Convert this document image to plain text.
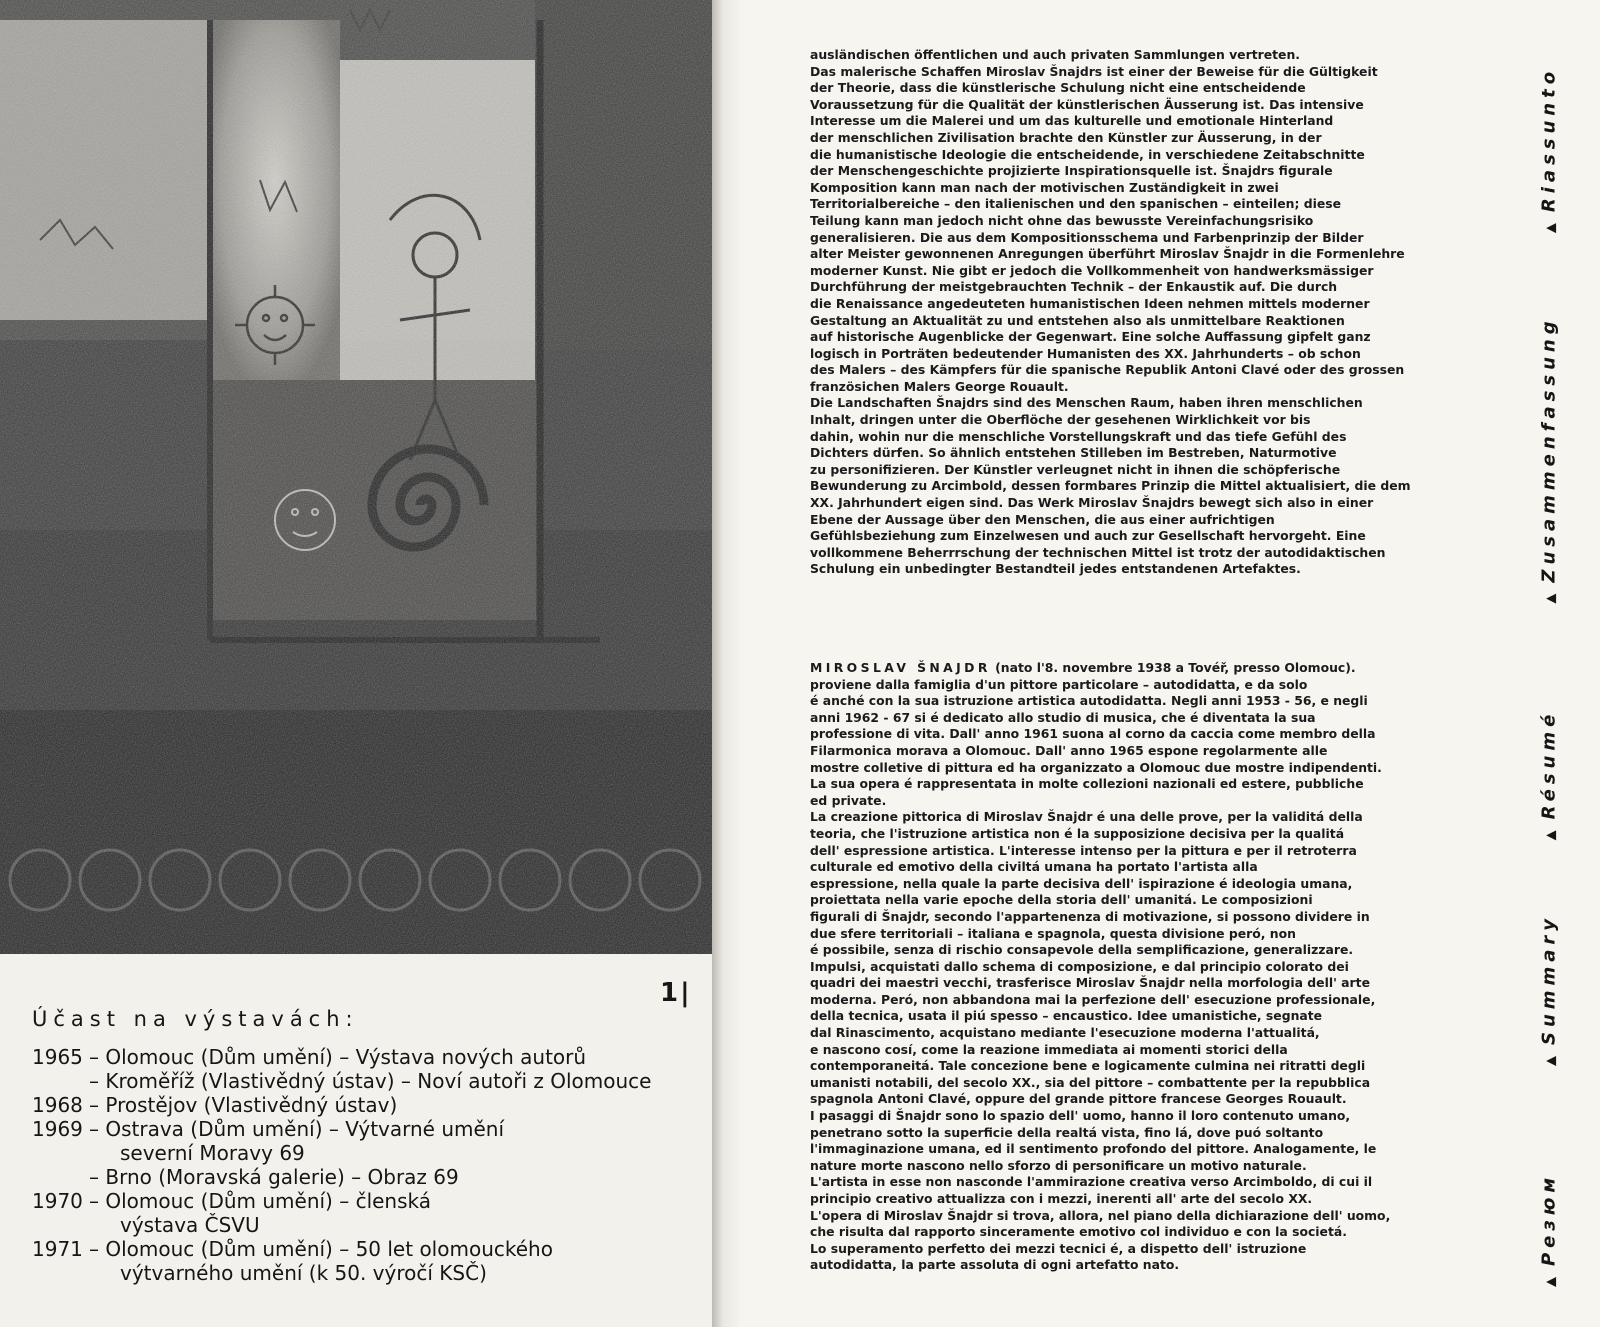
1|
Účast na výstavách:
1965 – Olomouc (Dům umění) – Výstava nových autorů
– Kroměříž (Vlastivědný ústav) – Noví autoři z Olomouce
1968 – Prostějov (Vlastivědný ústav)
1969 – Ostrava (Dům umění) – Výtvarné umění
severní Moravy 69
– Brno (Moravská galerie) – Obraz 69
1970 – Olomouc (Dům umění) – členská
výstava ČSVU
1971 – Olomouc (Dům umění) – 50 let olomouckého
výtvarného umění (k 50. výročí KSČ)

ausländischen öffentlichen und auch privaten Sammlungen vertreten.

Das malerische Schaffen Miroslav Šnajdrs ist einer der Beweise für die Gültigkeit

der Theorie, dass die künstlerische Schulung nicht eine entscheidende

Voraussetzung für die Qualität der künstlerischen Äusserung ist. Das intensive

Interesse um die Malerei und um das kulturelle und emotionale Hinterland

der menschlichen Zivilisation brachte den Künstler zur Äusserung, in der

die humanistische Ideologie die entscheidende, in verschiedene Zeitabschnitte

der Menschengeschichte projizierte Inspirationsquelle ist. Šnajdrs figurale

Komposition kann man nach der motivischen Zuständigkeit in zwei

Territorialbereiche – den italienischen und den spanischen – einteilen; diese

Teilung kann man jedoch nicht ohne das bewusste Vereinfachungsrisiko

generalisieren. Die aus dem Kompositionsschema und Farbenprinzip der Bilder

alter Meister gewonnenen Anregungen überführt Miroslav Šnajdr in die Formenlehre

moderner Kunst. Nie gibt er jedoch die Vollkommenheit von handwerksmässiger

Durchführung der meistgebrauchten Technik – der Enkaustik auf. Die durch

die Renaissance angedeuteten humanistischen Ideen nehmen mittels moderner

Gestaltung an Aktualität zu und entstehen also als unmittelbare Reaktionen

auf historische Augenblicke der Gegenwart. Eine solche Auffassung gipfelt ganz

logisch in Porträten bedeutender Humanisten des XX. Jahrhunderts – ob schon

des Malers – des Kämpfers für die spanische Republik Antoni Clavé oder des grossen

französichen Malers George Rouault.

Die Landschaften Šnajdrs sind des Menschen Raum, haben ihren menschlichen

Inhalt, dringen unter die Oberflöche der gesehenen Wirklichkeit vor bis

dahin, wohin nur die menschliche Vorstellungskraft und das tiefe Gefühl des

Dichters dürfen. So ähnlich entstehen Stilleben im Bestreben, Naturmotive

zu personifizieren. Der Künstler verleugnet nicht in ihnen die schöpferische

Bewunderung zu Arcimbold, dessen formbares Prinzip die Mittel aktualisiert, die dem

XX. Jahrhundert eigen sind. Das Werk Miroslav Šnajdrs bewegt sich also in einer

Ebene der Aussage über den Menschen, die aus einer aufrichtigen

Gefühlsbeziehung zum Einzelwesen und auch zur Gesellschaft hervorgeht. Eine

vollkommene Beherrrschung der technischen Mittel ist trotz der autodidaktischen

Schulung ein unbedingter Bestandteil jedes entstandenen Artefaktes.

MIROSLAV ŠNAJDR (nato l'8. novembre 1938 a Tovéř, presso Olomouc).

proviene dalla famiglia d'un pittore particolare – autodidatta, e da solo

é anché con la sua istruzione artistica autodidatta. Negli anni 1953 - 56, e negli

anni 1962 - 67 si é dedicato allo studio di musica, che é diventata la sua

professione di vita. Dall' anno 1961 suona al corno da caccia come membro della

Filarmonica morava a Olomouc. Dall' anno 1965 espone regolarmente alle

mostre colletive di pittura ed ha organizzato a Olomouc due mostre indipendenti.

La sua opera é rappresentata in molte collezioni nazionali ed estere, pubbliche

ed private.

La creazione pittorica di Miroslav Šnajdr é una delle prove, per la validitá della

teoria, che l'istruzione artistica non é la supposizione decisiva per la qualitá

dell' espressione artistica. L'interesse intenso per la pittura e per il retroterra

culturale ed emotivo della civiltá umana ha portato l'artista alla

espressione, nella quale la parte decisiva dell' ispirazione é ideologia umana,

proiettata nella varie epoche della storia dell' umanitá. Le composizioni

figurali di Šnajdr, secondo l'appartenenza di motivazione, si possono dividere in

due sfere territoriali – italiana e spagnola, questa divisione peró, non

é possibile, senza di rischio consapevole della semplificazione, generalizzare.

Impulsi, acquistati dallo schema di composizione, e dal principio colorato dei

quadri dei maestri vecchi, trasferisce Miroslav Šnajdr nella morfologia dell' arte

moderna. Peró, non abbandona mai la perfezione dell' esecuzione professionale,

della tecnica, usata il piú spesso – encaustico. Idee umanistiche, segnate

dal Rinascimento, acquistano mediante l'esecuzione moderna l'attualitá,

e nascono cosí, come la reazione immediata ai momenti storici della

contemporaneitá. Tale concezione bene e logicamente culmina nei ritratti degli

umanisti notabili, del secolo XX., sia del pittore – combattente per la repubblica

spagnola Antoni Clavé, oppure del grande pittore francese Georges Rouault.

I pasaggi di Šnajdr sono lo spazio dell' uomo, hanno il loro contenuto umano,

penetrano sotto la superficie della realtá vista, fino lá, dove puó soltanto

l'immaginazione umana, ed il sentimento profondo del pittore. Analogamente, le

nature morte nascono nello sforzo di personificare un motivo naturale.

L'artista in esse non nasconde l'ammirazione creativa verso Arcimboldo, di cui il

principio creativo attualizza con i mezzi, inerenti all' arte del secolo XX.

L'opera di Miroslav Šnajdr si trova, allora, nel piano della dichiarazione dell' uomo,

che risulta dal rapporto sinceramente emotivo col individuo e con la societá.

Lo superamento perfetto dei mezzi tecnici é, a dispetto dell' istruzione

autodidatta, la parte assoluta di ogni artefatto nato.

▲Riassunto
▲Zusammenfassung
▲Résumé
▲Summary
▲Резюм
